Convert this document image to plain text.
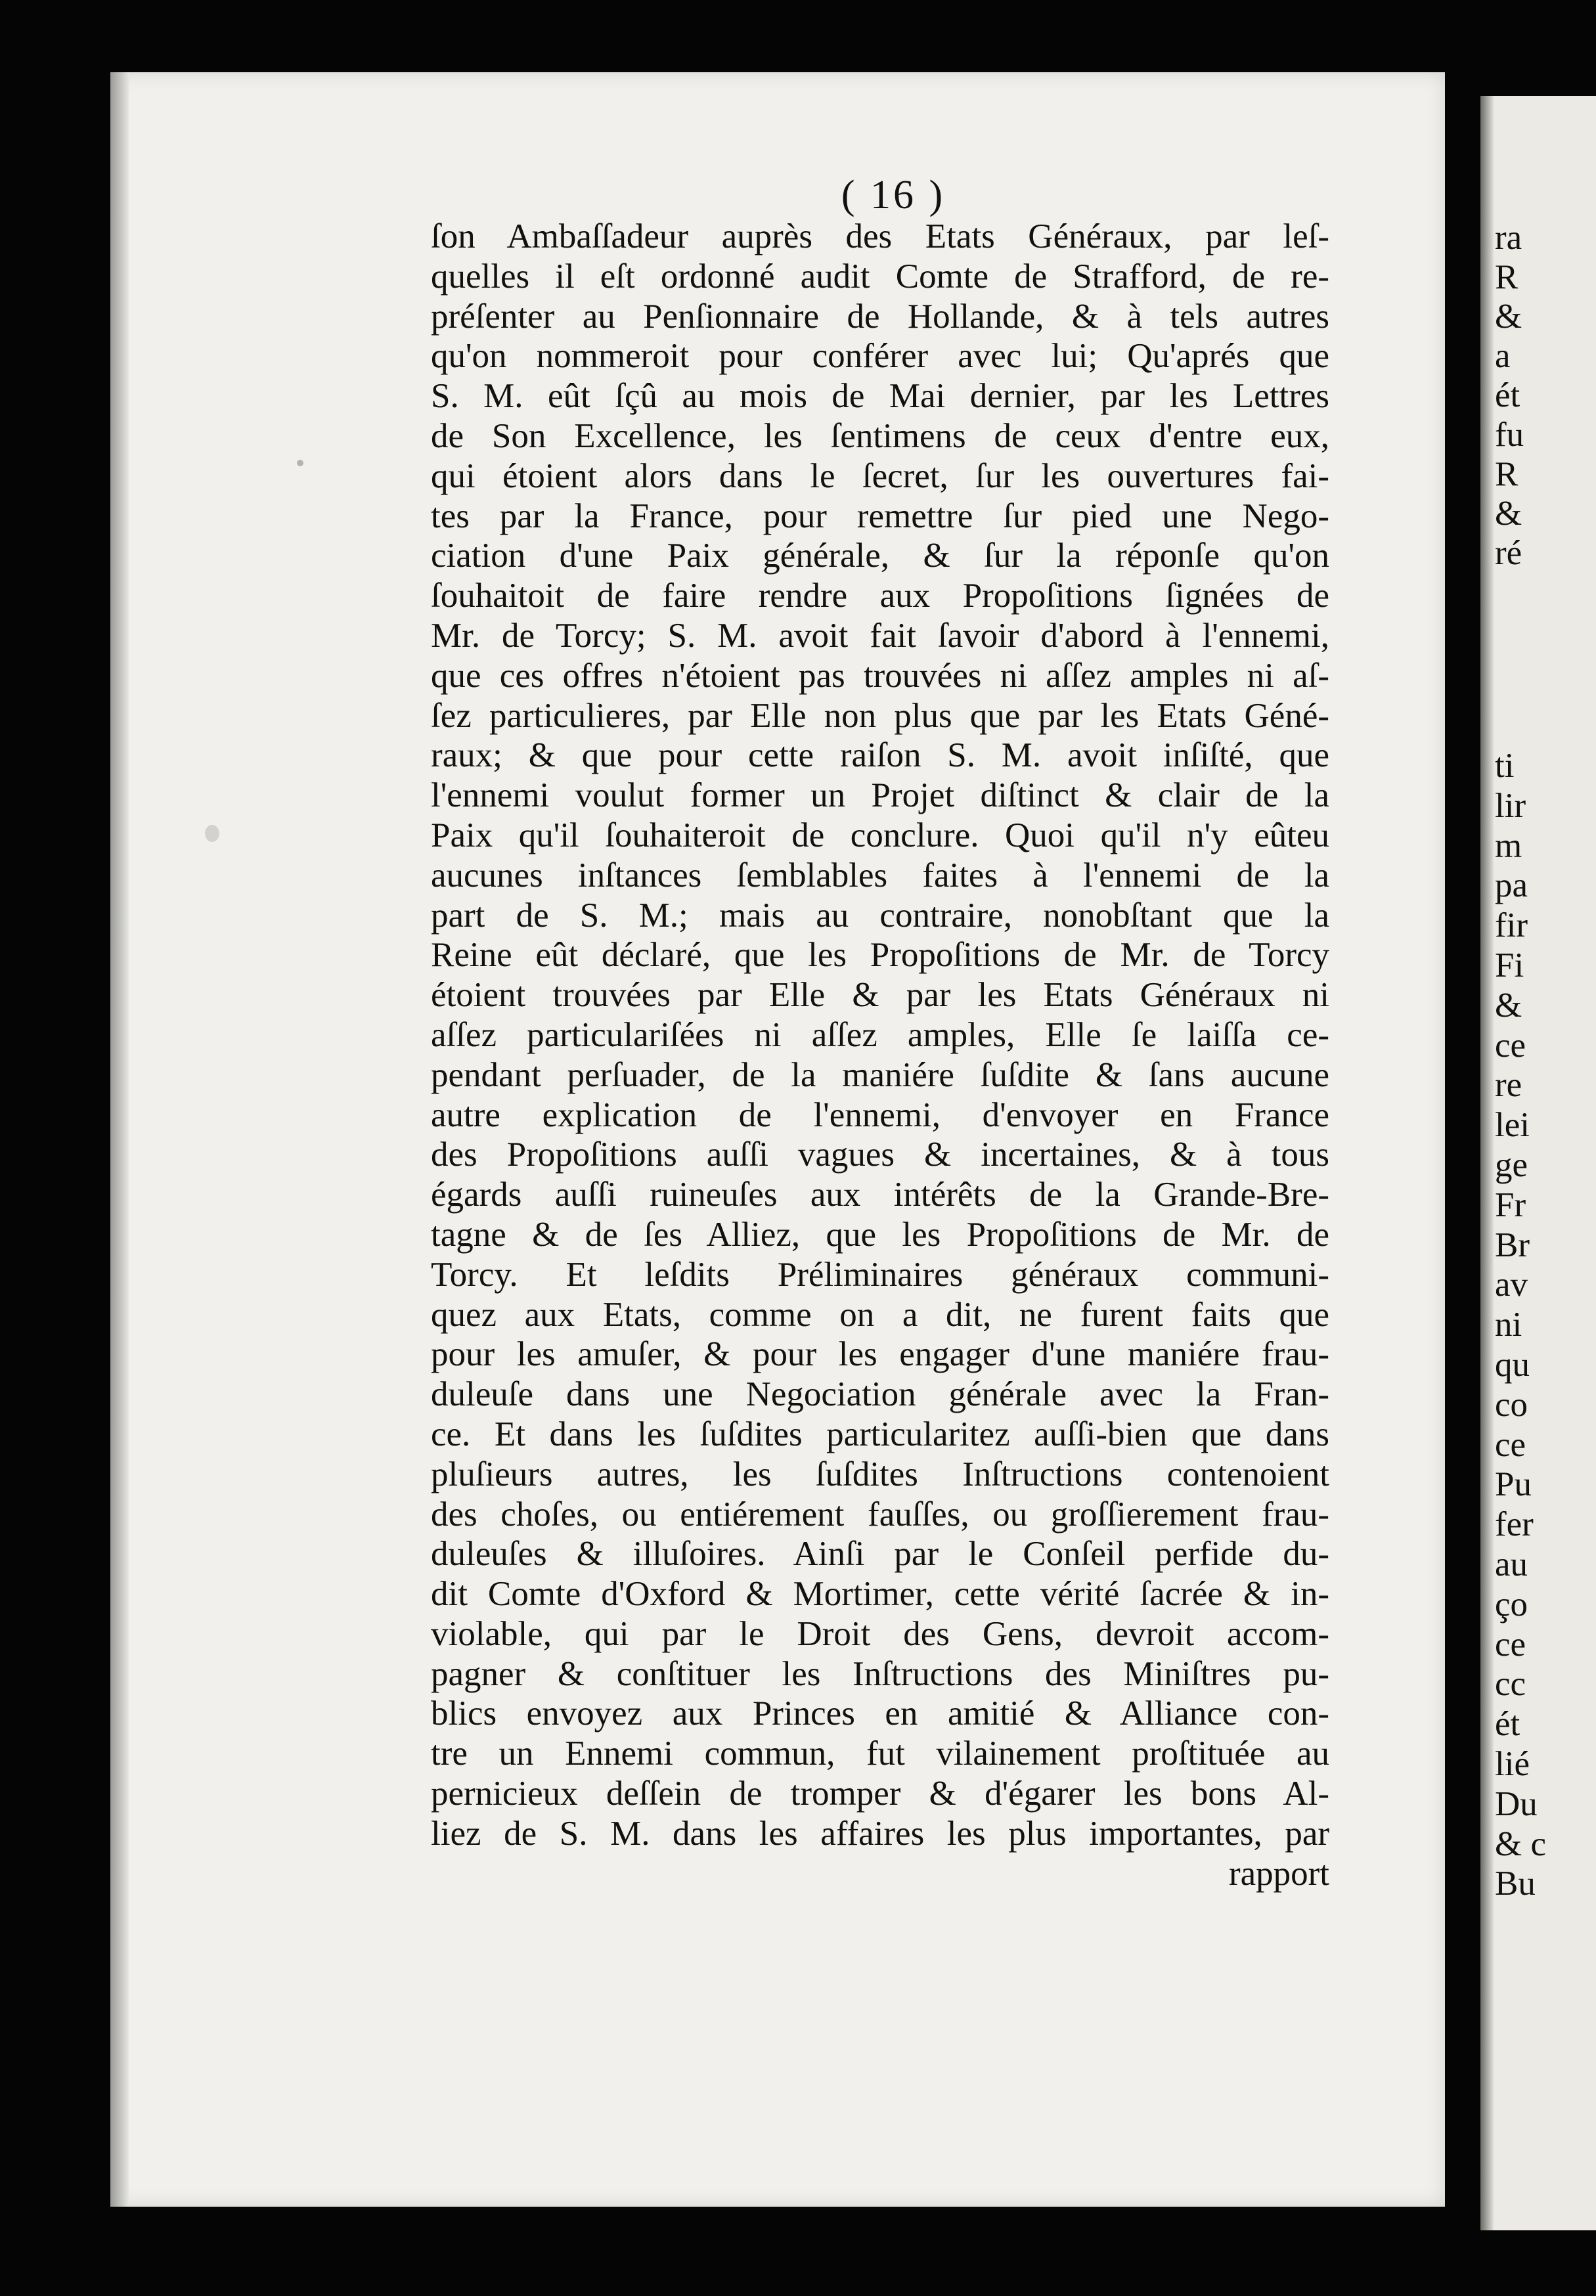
( 16 )
ſon Ambaſſadeur auprès des Etats Généraux, par leſ-
quelles il eſt ordonné audit Comte de Strafford, de re-
préſenter au Penſionnaire de Hollande, & à tels autres
qu'on nommeroit pour conférer avec lui; Qu'aprés que
S. M. eût ſçû au mois de Mai dernier, par les Lettres
de Son Excellence, les ſentimens de ceux d'entre eux,
qui étoient alors dans le ſecret, ſur les ouvertures fai-
tes par la France, pour remettre ſur pied une Nego-
ciation d'une Paix générale, & ſur la réponſe qu'on
ſouhaitoit de faire rendre aux Propoſitions ſignées de
Mr. de Torcy; S. M. avoit fait ſavoir d'abord à l'ennemi,
que ces offres n'étoient pas trouvées ni aſſez amples ni aſ-
ſez particulieres, par Elle non plus que par les Etats Géné-
raux; & que pour cette raiſon S. M. avoit inſiſté, que
l'ennemi voulut former un Projet diſtinct & clair de la
Paix qu'il ſouhaiteroit de conclure. Quoi qu'il n'y eûteu
aucunes inſtances ſemblables faites à l'ennemi de la
part de S. M.; mais au contraire, nonobſtant que la
Reine eût déclaré, que les Propoſitions de Mr. de Torcy
étoient trouvées par Elle & par les Etats Généraux ni
aſſez particulariſées ni aſſez amples, Elle ſe laiſſa ce-
pendant perſuader, de la maniére ſuſdite & ſans aucune
autre explication de l'ennemi, d'envoyer en France
des Propoſitions auſſi vagues & incertaines, & à tous
égards auſſi ruineuſes aux intérêts de la Grande-Bre-
tagne & de ſes Alliez, que les Propoſitions de Mr. de
Torcy. Et leſdits Préliminaires généraux communi-
quez aux Etats, comme on a dit, ne furent faits que
pour les amuſer, & pour les engager d'une maniére frau-
duleuſe dans une Negociation générale avec la Fran-
ce. Et dans les ſuſdites particularitez auſſi-bien que dans
pluſieurs autres, les ſuſdites Inſtructions contenoient
des choſes, ou entiérement fauſſes, ou groſſierement frau-
duleuſes & illuſoires. Ainſi par le Conſeil perfide du-
dit Comte d'Oxford & Mortimer, cette vérité ſacrée & in-
violable, qui par le Droit des Gens, devroit accom-
pagner & conſtituer les Inſtructions des Miniſtres pu-
blics envoyez aux Princes en amitié & Alliance con-
tre un Ennemi commun, fut vilainement proſtituée au
pernicieux deſſein de tromper & d'égarer les bons Al-
liez de S. M. dans les affaires les plus importantes, par
rapport
ra
R
&
a
ét
fu
R
&
ré
ti
lir
m
pa
fir
Fi
&
ce
re
lei
ge
Fr
Br
av
ni
qu
co
ce
Pu
fer
au
ço
ce
cc
ét
lié
Du
& c
Bu
